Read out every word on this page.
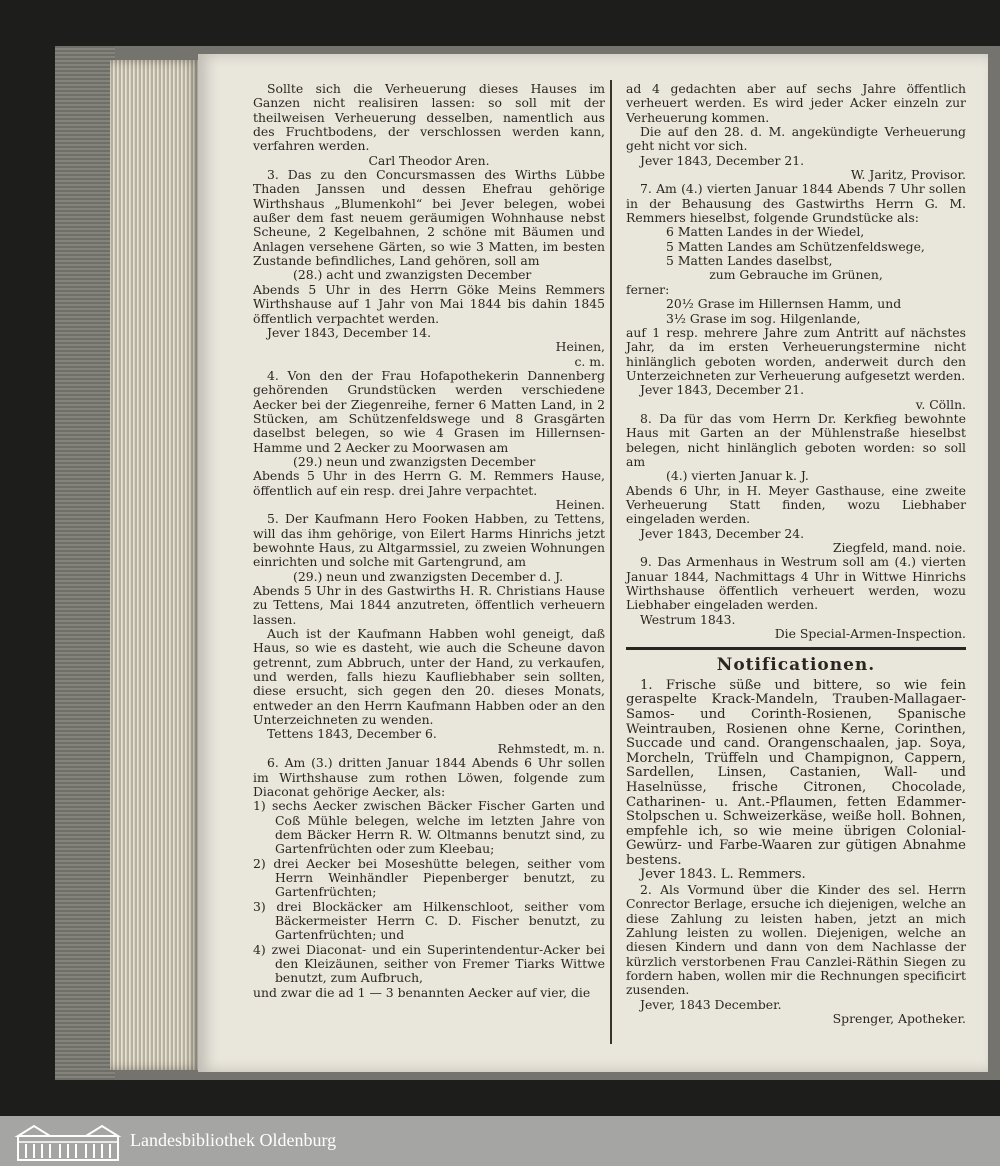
Sollte sich die Verheuerung dieses Hauses im Ganzen nicht realisiren lassen: so soll mit der theilweisen Verheuerung desselben, namentlich aus des Fruchtbodens, der verschlossen werden kann, verfahren werden.

Carl Theodor Aren.

3. Das zu den Concursmassen des Wirths Lübbe Thaden Janssen und dessen Ehefrau gehörige Wirthshaus „Blumenkohl“ bei Jever belegen, wobei außer dem fast neuem geräumigen Wohnhause nebst Scheune, 2 Kegelbahnen, 2 schöne mit Bäumen und Anlagen versehene Gärten, so wie 3 Matten, im besten Zustande befindliches, Land gehören, soll am

(28.) acht und zwanzigsten December

Abends 5 Uhr in des Herrn Göke Meins Remmers Wirthshause auf 1 Jahr von Mai 1844 bis dahin 1845 öffentlich verpachtet werden.

Jever 1843, December 14.

Heinen,

c. m.

4. Von den der Frau Hofapothekerin Dannenberg gehörenden Grundstücken werden verschiedene Aecker bei der Ziegenreihe, ferner 6 Matten Land, in 2 Stücken, am Schützenfeldswege und 8 Grasgärten daselbst belegen, so wie 4 Grasen im Hillernsen-Hamme und 2 Aecker zu Moorwasen am

(29.) neun und zwanzigsten December

Abends 5 Uhr in des Herrn G. M. Remmers Hause, öffentlich auf ein resp. drei Jahre verpachtet.

Heinen.

5. Der Kaufmann Hero Fooken Habben, zu Tettens, will das ihm gehörige, von Eilert Harms Hinrichs jetzt bewohnte Haus, zu Altgarmssiel, zu zweien Wohnungen einrichten und solche mit Gartengrund, am

(29.) neun und zwanzigsten December d. J.

Abends 5 Uhr in des Gastwirths H. R. Christians Hause zu Tettens, Mai 1844 anzutreten, öffentlich verheuern lassen.

Auch ist der Kaufmann Habben wohl geneigt, daß Haus, so wie es dasteht, wie auch die Scheune davon getrennt, zum Abbruch, unter der Hand, zu verkaufen, und werden, falls hiezu Kaufliebhaber sein sollten, diese ersucht, sich gegen den 20. dieses Monats, entweder an den Herrn Kaufmann Habben oder an den Unterzeichneten zu wenden.

Tettens 1843, December 6.

Rehmstedt, m. n.

6. Am (3.) dritten Januar 1844 Abends 6 Uhr sollen im Wirthshause zum rothen Löwen, folgende zum Diaconat gehörige Aecker, als:

1) sechs Aecker zwischen Bäcker Fischer Garten und Coß Mühle belegen, welche im letzten Jahre von dem Bäcker Herrn R. W. Oltmanns benutzt sind, zu Gartenfrüchten oder zum Kleebau;

2) drei Aecker bei Moseshütte belegen, seither vom Herrn Weinhändler Piepenberger benutzt, zu Gartenfrüchten;

3) drei Blockäcker am Hilkenschloot, seither vom Bäckermeister Herrn C. D. Fischer benutzt, zu Gartenfrüchten; und

4) zwei Diaconat- und ein Superintendentur-Acker bei den Kleizäunen, seither von Fremer Tiarks Wittwe benutzt, zum Aufbruch,

und zwar die ad 1 — 3 benannten Aecker auf vier, die

ad 4 gedachten aber auf sechs Jahre öffentlich verheuert werden. Es wird jeder Acker einzeln zur Verheuerung kommen.

Die auf den 28. d. M. angekündigte Verheuerung geht nicht vor sich.

Jever 1843, December 21.

W. Jaritz, Provisor.

7. Am (4.) vierten Januar 1844 Abends 7 Uhr sollen in der Behausung des Gastwirths Herrn G. M. Remmers hieselbst, folgende Grundstücke als:

6 Matten Landes in der Wiedel,

5 Matten Landes am Schützenfeldswege,

5 Matten Landes daselbst,

zum Gebrauche im Grünen,

ferner:

20½ Grase im Hillernsen Hamm, und

3½ Grase im sog. Hilgenlande,

auf 1 resp. mehrere Jahre zum Antritt auf nächstes Jahr, da im ersten Verheuerungstermine nicht hinlänglich geboten worden, anderweit durch den Unterzeichneten zur Verheuerung aufgesetzt werden.

Jever 1843, December 21.

v. Cölln.

8. Da für das vom Herrn Dr. Kerkfieg bewohnte Haus mit Garten an der Mühlenstraße hieselbst belegen, nicht hinlänglich geboten worden: so soll am

(4.) vierten Januar k. J.

Abends 6 Uhr, in H. Meyer Gasthause, eine zweite Verheuerung Statt finden, wozu Liebhaber eingeladen werden.

Jever 1843, December 24.

Ziegfeld, mand. noie.

9. Das Armenhaus in Westrum soll am (4.) vierten Januar 1844, Nachmittags 4 Uhr in Wittwe Hinrichs Wirthshause öffentlich verheuert werden, wozu Liebhaber eingeladen werden.

Westrum 1843.

Die Special-Armen-Inspection.

Notificationen.

1. Frische süße und bittere, so wie fein geraspelte Krack-Mandeln, Trauben-Mallagaer-Samos- und Corinth-Rosienen, Spanische Weintrauben, Rosienen ohne Kerne, Corinthen, Succade und cand. Orangenschaalen, jap. Soya, Morcheln, Trüffeln und Champignon, Cappern, Sardellen, Linsen, Castanien, Wall- und Haselnüsse, frische Citronen, Chocolade, Catharinen- u. Ant.-Pflaumen, fetten Edammer-Stolpschen u. Schweizerkäse, weiße holl. Bohnen, empfehle ich, so wie meine übrigen Colonial- Gewürz- und Farbe-Waaren zur gütigen Abnahme bestens.

Jever 1843. L. Remmers.

2. Als Vormund über die Kinder des sel. Herrn Conrector Berlage, ersuche ich diejenigen, welche an diese Zahlung zu leisten haben, jetzt an mich Zahlung leisten zu wollen. Diejenigen, welche an diesen Kindern und dann von dem Nachlasse der kürzlich verstorbenen Frau Canzlei-Räthin Siegen zu fordern haben, wollen mir die Rechnungen specificirt zusenden.

Jever, 1843 December.

Sprenger, Apotheker.

Landesbibliothek Oldenburg
